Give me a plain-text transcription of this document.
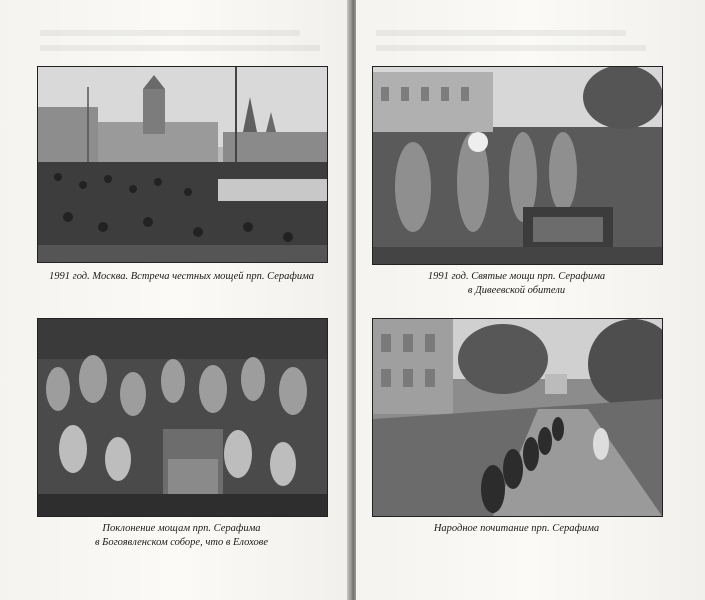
1991 год. Москва. Встреча честных мощей прп. Серафима
Поклонение мощам прп. Серафима
в Богоявленском соборе, что в Елохове
1991 год. Святые мощи прп. Серафима
в Дивеевской обители
Народное почитание прп. Серафима
